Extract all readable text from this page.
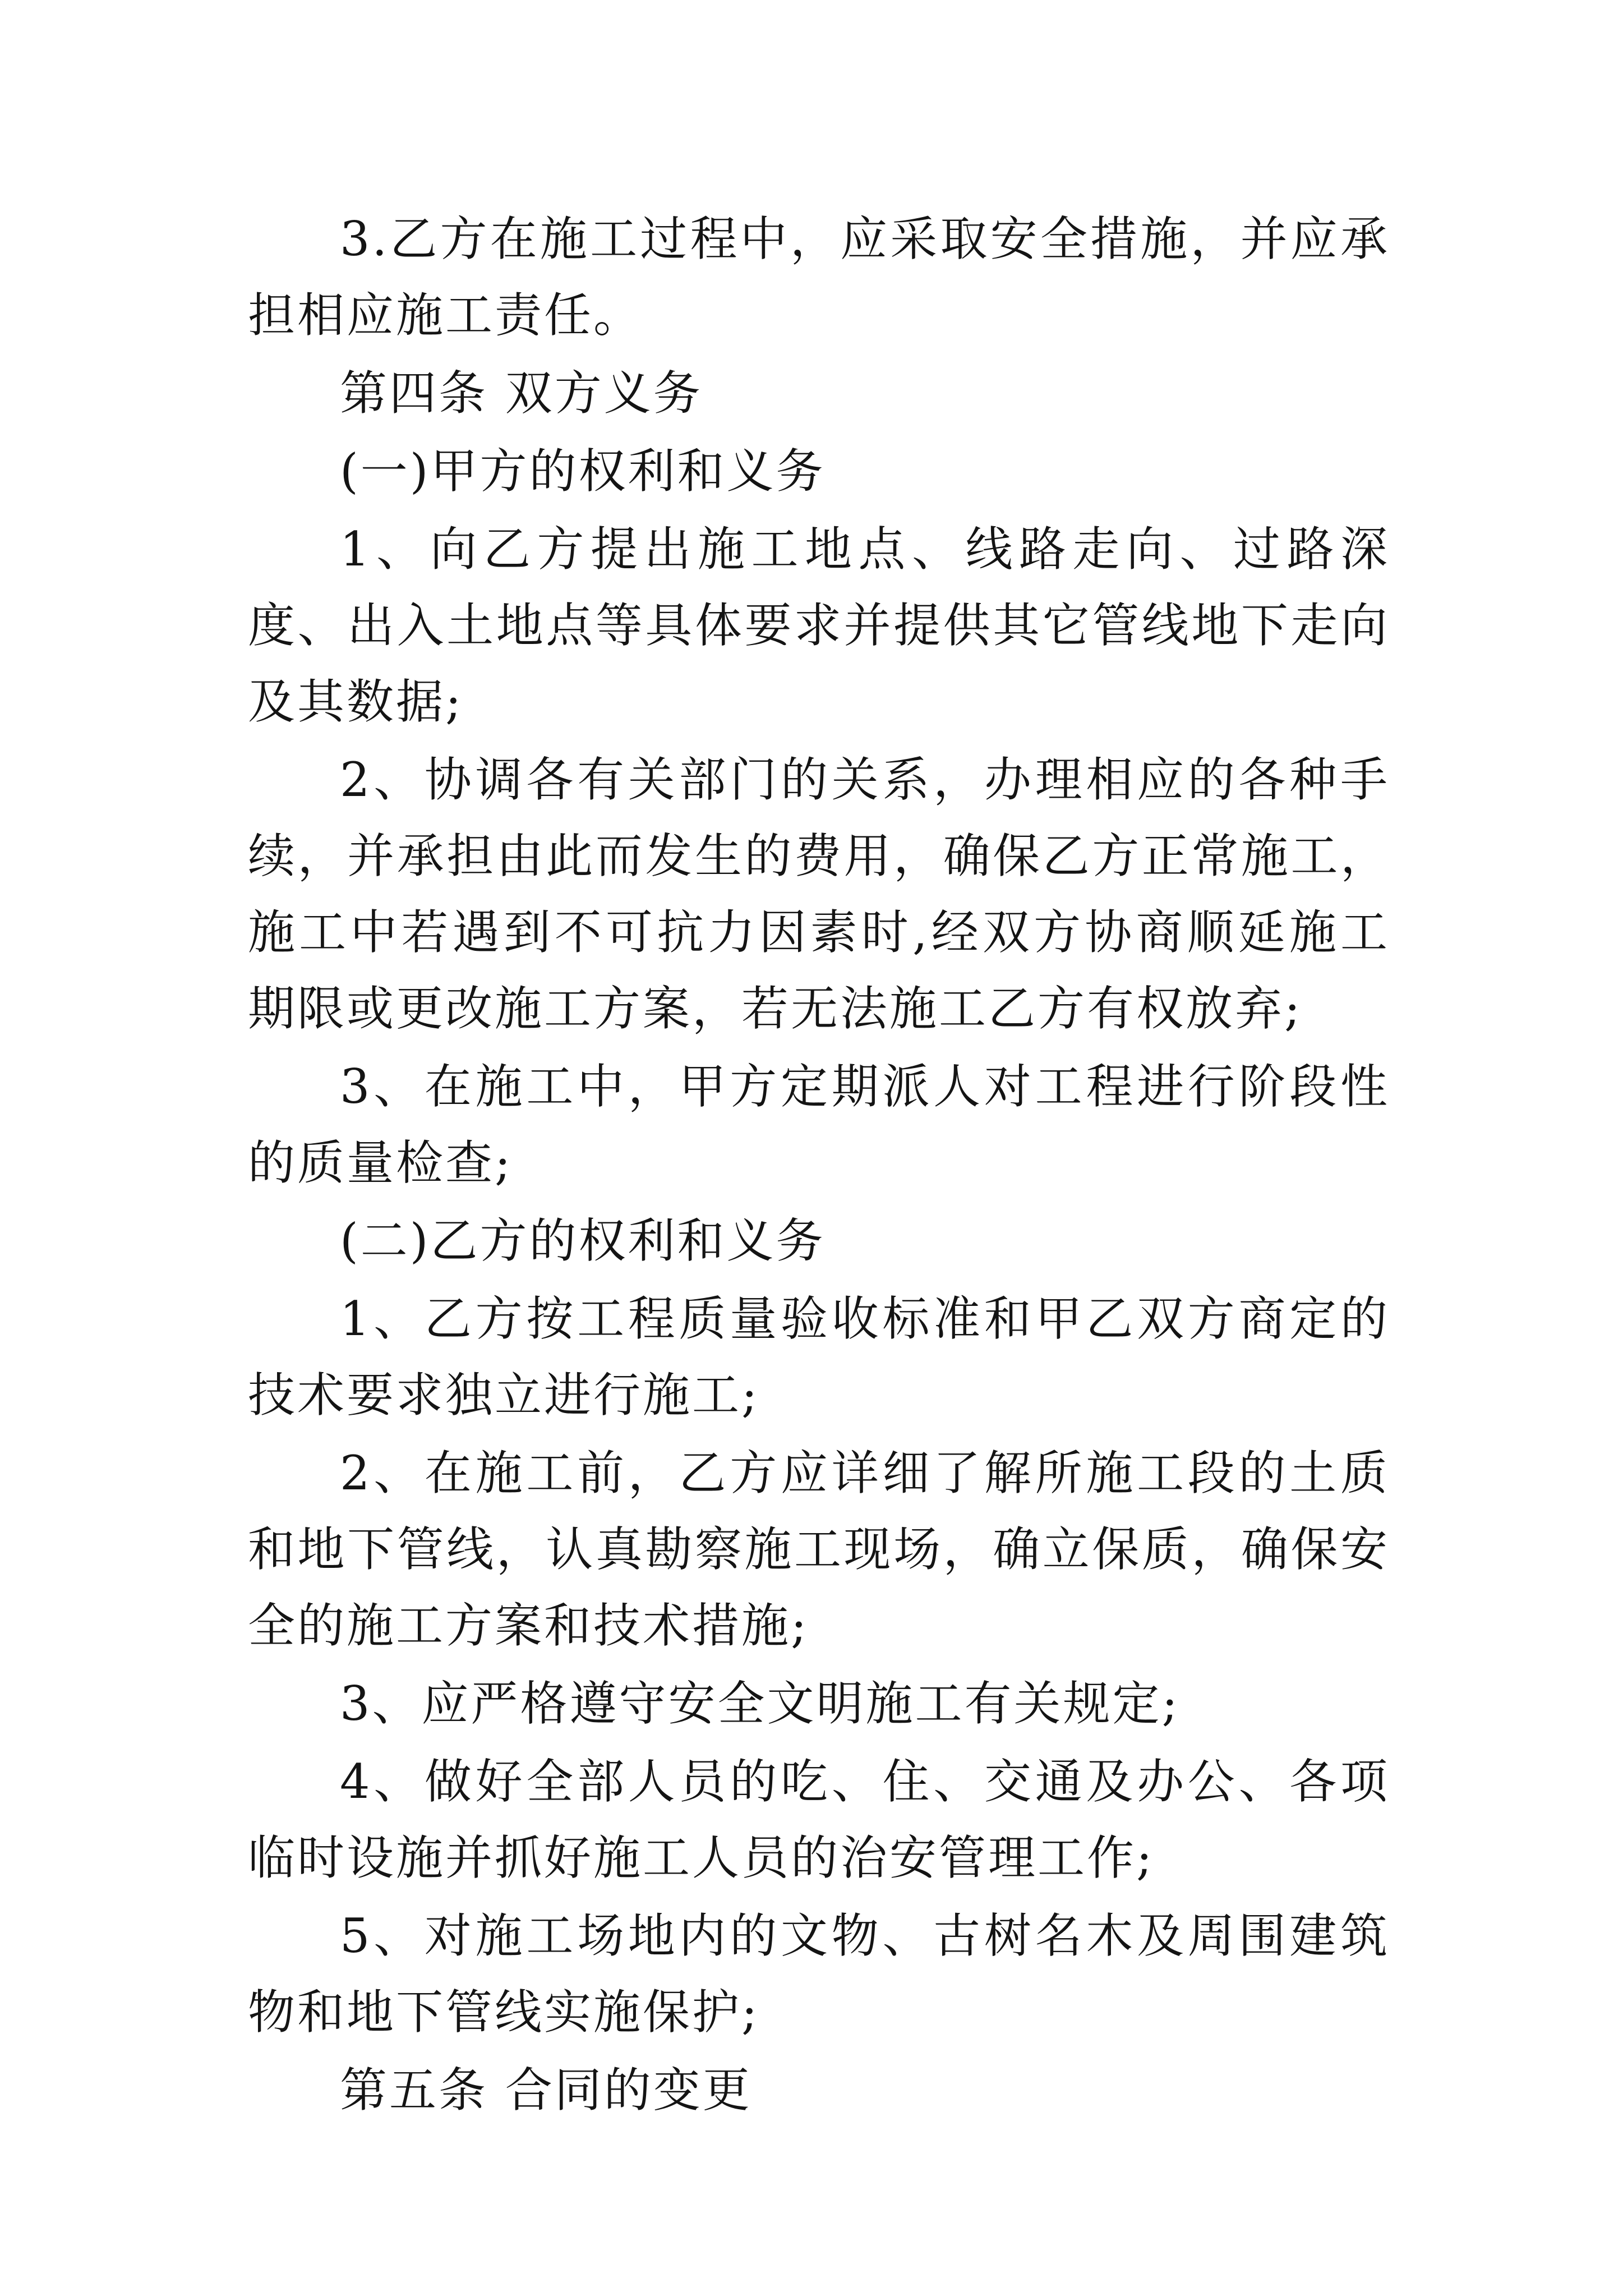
3.乙方在施工过程中，应采取安全措施，并应承担相应施工责任。

第四条 双方义务

(一)甲方的权利和义务

1、向乙方提出施工地点、线路走向、过路深度、出入土地点等具体要求并提供其它管线地下走向及其数据;

2、协调各有关部门的关系，办理相应的各种手续，并承担由此而发生的费用，确保乙方正常施工，施工中若遇到不可抗力因素时,经双方协商顺延施工期限或更改施工方案，若无法施工乙方有权放弃;

3、在施工中，甲方定期派人对工程进行阶段性的质量检查;

(二)乙方的权利和义务

1、乙方按工程质量验收标准和甲乙双方商定的技术要求独立进行施工;

2、在施工前，乙方应详细了解所施工段的土质和地下管线，认真勘察施工现场，确立保质，确保安全的施工方案和技术措施;

3、应严格遵守安全文明施工有关规定;

4、做好全部人员的吃、住、交通及办公、各项临时设施并抓好施工人员的治安管理工作;

5、对施工场地内的文物、古树名木及周围建筑物和地下管线实施保护;

第五条 合同的变更
